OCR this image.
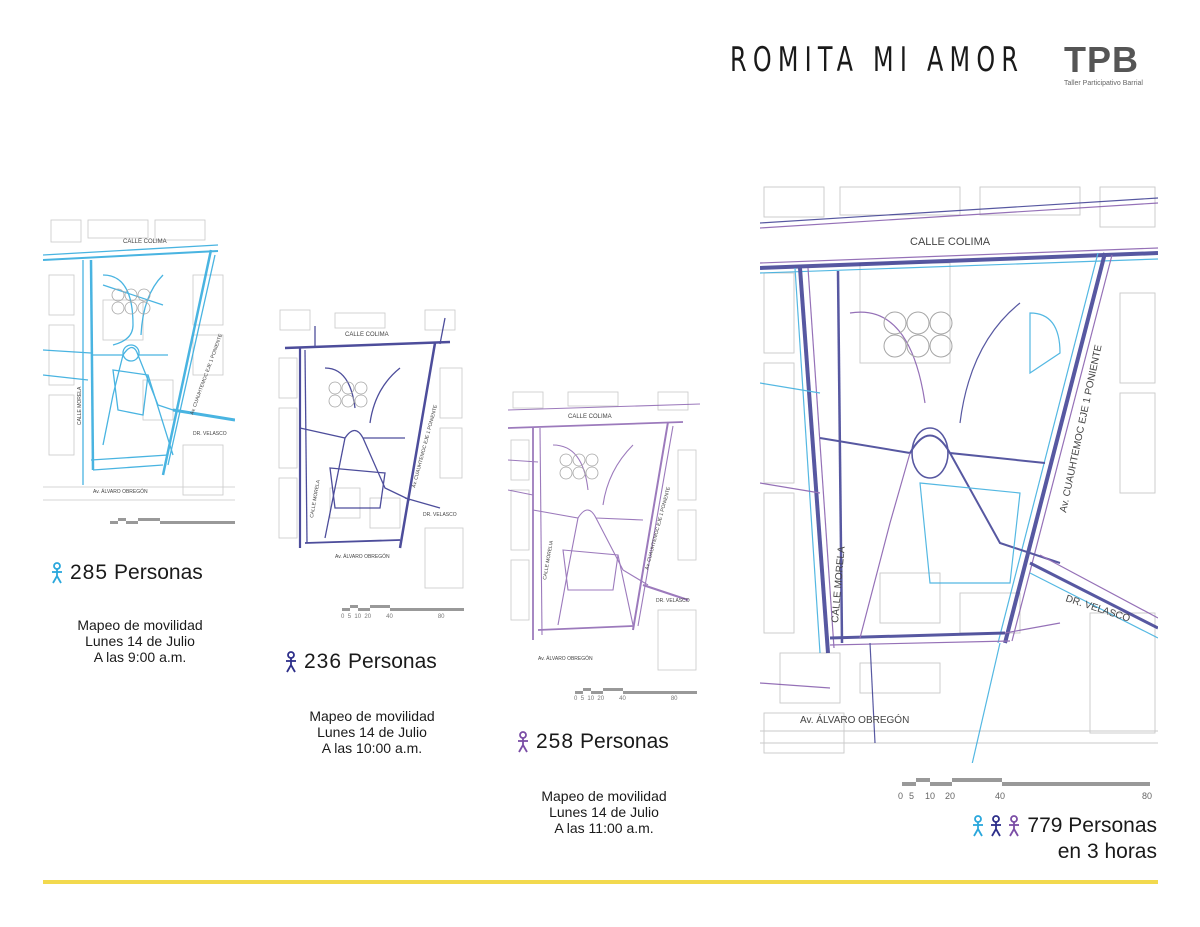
ROMITA MI AMOR TPB
Taller Participativo Barrial
CALLE COLIMA
CALLE MORELA	Av. CUAUHTEMOC EJE 1 PONIENTE
DR. VELASCO
Av. ÁLVARO OBREGÓN
285 Personas
Mapeo de movilidad
Lunes 14 de Julio
A las 9:00 a.m.
CALLE COLIMA
CALLE MORELA
Av. CUAUHTEMOC EJE 1 PONIENTE
DR. VELASCO
Av. ÁLVARO OBREGÓN
0 5 10 20	40	80
236 Personas
Mapeo de movilidad
Lunes 14 de Julio
A las 10:00 a.m.
CALLE COLIMA
CALLE MORELIA	Av. CUAUHTEMOC EJE 1 PONIENTE
DR. VELASCO
Av. ÁLVARO OBREGÓN
0 5 10 20	40	80
258 Personas
Mapeo de movilidad
Lunes 14 de Julio
A las 11:00 a.m.
CALLE COLIMA
CALLE MORELA
Av. CUAUHTEMOC EJE 1 PONIENTE
DR. VELASCO
Av. ÁLVARO OBREGÓN
0 5 10 20	40	80
779 Personas
en 3 horas
